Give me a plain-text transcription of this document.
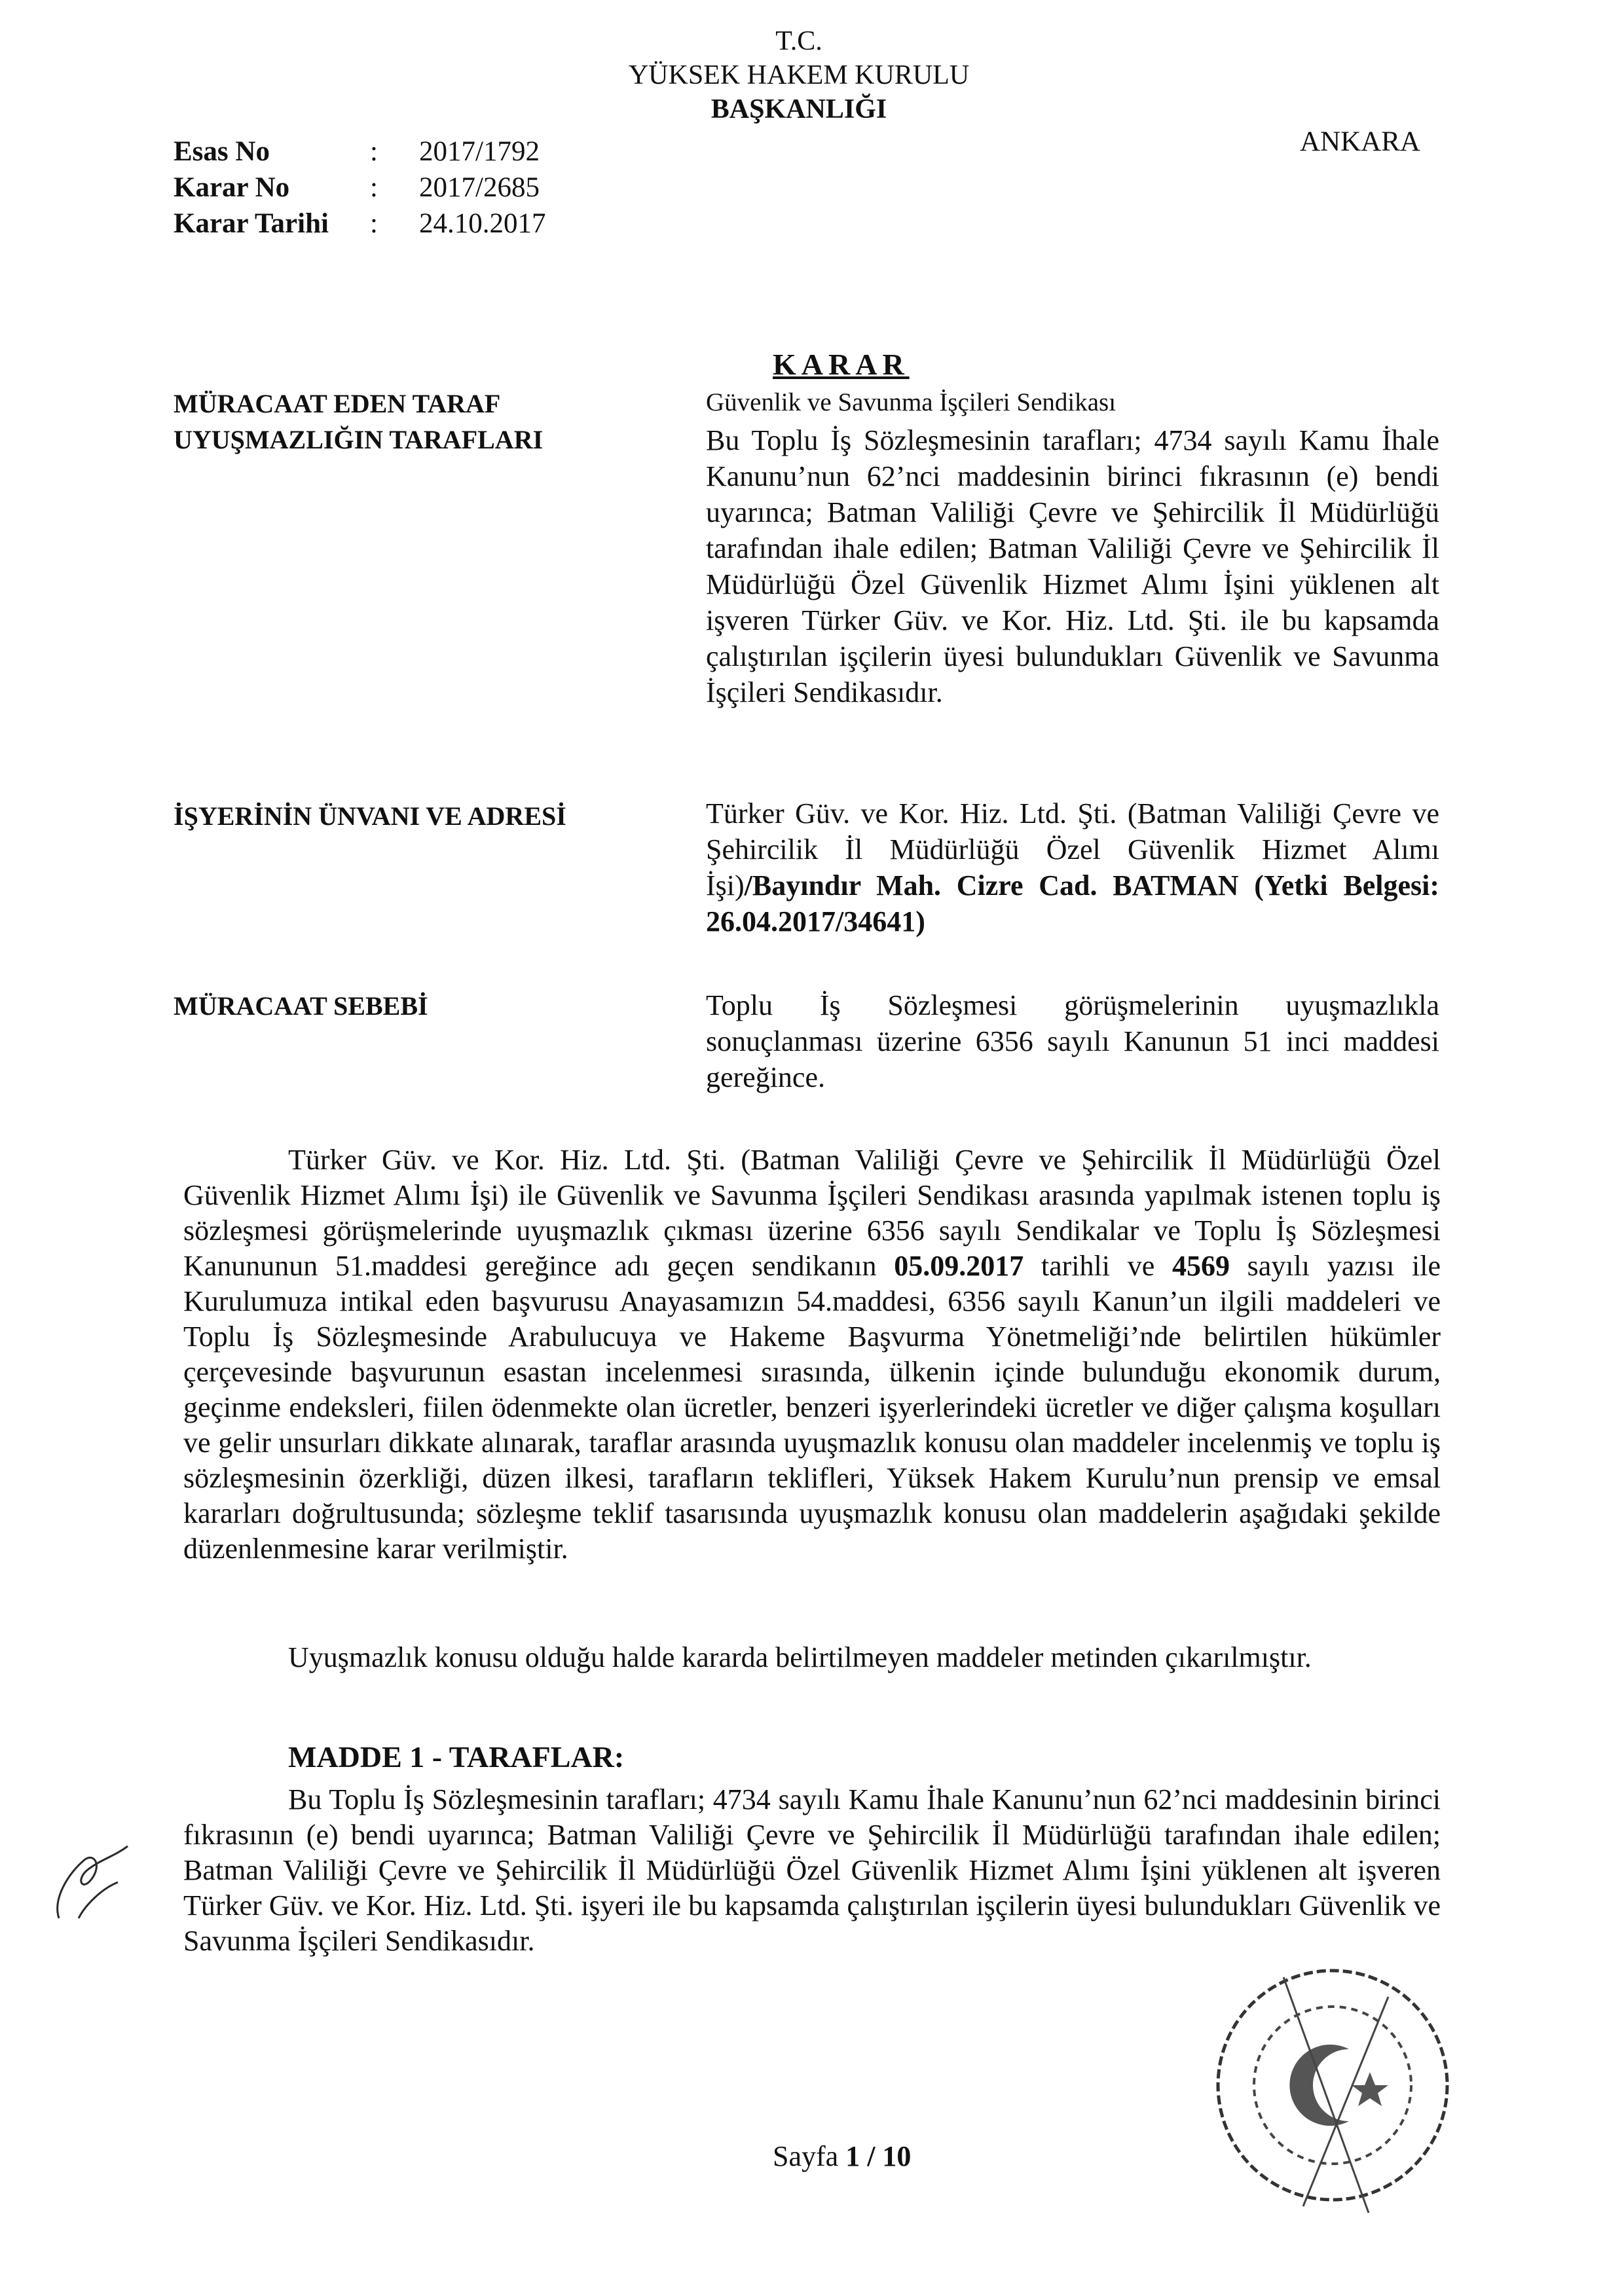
T.C.
YÜKSEK HAKEM KURULU
BAŞKANLIĞI
ANKARA
Esas No	: 2017/1792
Karar No	: 2017/2685
Karar Tarihi	: 24.10.2017
KARAR
MÜRACAAT EDEN TARAF	Güvenlik ve Savunma İşçileri Sendikası
UYUŞMAZLIĞIN TARAFLARI	Bu Toplu İş Sözleşmesinin tarafları; 4734 sayılı Kamu İhale Kanunu’nun 62’nci maddesinin birinci fıkrasının (e) bendi uyarınca; Batman Valiliği Çevre ve Şehircilik İl Müdürlüğü tarafından ihale edilen; Batman Valiliği Çevre ve Şehircilik İl Müdürlüğü Özel Güvenlik Hizmet Alımı İşini yüklenen alt işveren Türker Güv. ve Kor. Hiz. Ltd. Şti. ile bu kapsamda çalıştırılan işçilerin üyesi bulundukları Güvenlik ve Savunma İşçileri Sendikasıdır.
İŞYERİNİN ÜNVANI VE ADRESİ	Türker Güv. ve Kor. Hiz. Ltd. Şti. (Batman Valiliği Çevre ve Şehircilik İl Müdürlüğü Özel Güvenlik Hizmet Alımı İşi)/Bayındır Mah. Cizre Cad. BATMAN (Yetki Belgesi: 26.04.2017/34641)
MÜRACAAT SEBEBİ	Toplu İş Sözleşmesi görüşmelerinin uyuşmazlıkla sonuçlanması üzerine 6356 sayılı Kanunun 51 inci maddesi gereğince.
Türker Güv. ve Kor. Hiz. Ltd. Şti. (Batman Valiliği Çevre ve Şehircilik İl Müdürlüğü Özel Güvenlik Hizmet Alımı İşi) ile Güvenlik ve Savunma İşçileri Sendikası arasında yapılmak istenen toplu iş sözleşmesi görüşmelerinde uyuşmazlık çıkması üzerine 6356 sayılı Sendikalar ve Toplu İş Sözleşmesi Kanununun 51.maddesi gereğince adı geçen sendikanın 05.09.2017 tarihli ve 4569 sayılı yazısı ile Kurulumuza intikal eden başvurusu Anayasamızın 54.maddesi, 6356 sayılı Kanun’un ilgili maddeleri ve Toplu İş Sözleşmesinde Arabulucuya ve Hakeme Başvurma Yönetmeliği’nde belirtilen hükümler çerçevesinde başvurunun esastan incelenmesi sırasında, ülkenin içinde bulunduğu ekonomik durum, geçinme endeksleri, fiilen ödenmekte olan ücretler, benzeri işyerlerindeki ücretler ve diğer çalışma koşulları ve gelir unsurları dikkate alınarak, taraflar arasında uyuşmazlık konusu olan maddeler incelenmiş ve toplu iş sözleşmesinin özerkliği, düzen ilkesi, tarafların teklifleri, Yüksek Hakem Kurulu’nun prensip ve emsal kararları doğrultusunda; sözleşme teklif tasarısında uyuşmazlık konusu olan maddelerin aşağıdaki şekilde düzenlenmesine karar verilmiştir.
Uyuşmazlık konusu olduğu halde kararda belirtilmeyen maddeler metinden çıkarılmıştır.
MADDE 1 - TARAFLAR:
Bu Toplu İş Sözleşmesinin tarafları; 4734 sayılı Kamu İhale Kanunu’nun 62’nci maddesinin birinci fıkrasının (e) bendi uyarınca; Batman Valiliği Çevre ve Şehircilik İl Müdürlüğü tarafından ihale edilen; Batman Valiliği Çevre ve Şehircilik İl Müdürlüğü Özel Güvenlik Hizmet Alımı İşini yüklenen alt işveren Türker Güv. ve Kor. Hiz. Ltd. Şti. işyeri ile bu kapsamda çalıştırılan işçilerin üyesi bulundukları Güvenlik ve Savunma İşçileri Sendikasıdır.
Sayfa 1 / 10
